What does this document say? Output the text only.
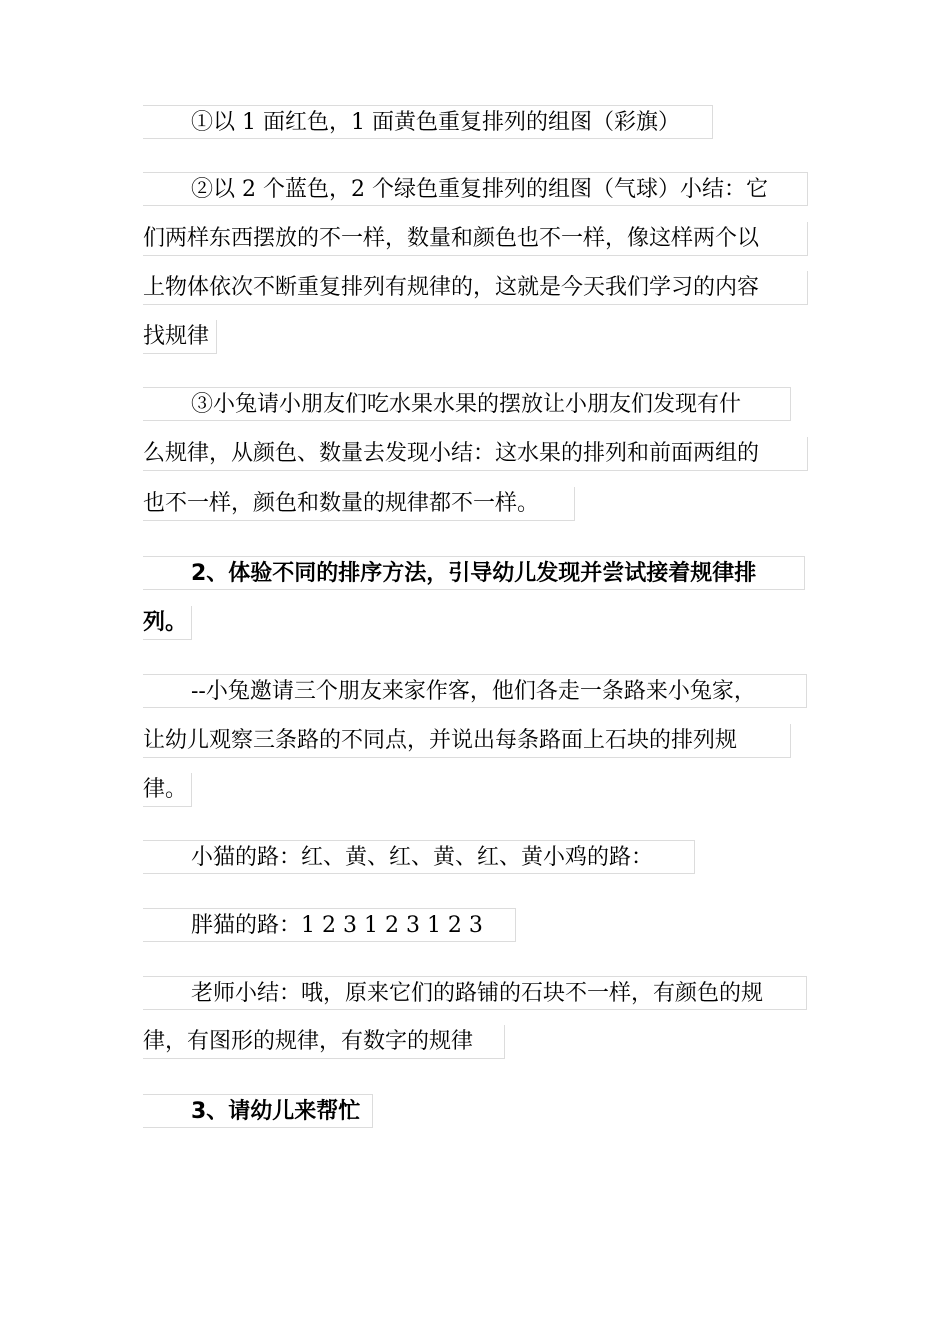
①以 1 面红色，1 面黄色重复排列的组图（彩旗）
②以 2 个蓝色，2 个绿色重复排列的组图（气球）小结：它
们两样东西摆放的不一样，数量和颜色也不一样，像这样两个以
上物体依次不断重复排列有规律的，这就是今天我们学习的内容
找规律
③小兔请小朋友们吃水果水果的摆放让小朋友们发现有什
么规律，从颜色、数量去发现小结：这水果的排列和前面两组的
也不一样，颜色和数量的规律都不一样。
2、体验不同的排序方法，引导幼儿发现并尝试接着规律排
列。
--小兔邀请三个朋友来家作客，他们各走一条路来小兔家，
让幼儿观察三条路的不同点，并说出每条路面上石块的排列规
律。
小猫的路：红、黄、红、黄、红、黄小鸡的路：
胖猫的路：1 2 3 1 2 3 1 2 3
老师小结：哦，原来它们的路铺的石块不一样，有颜色的规
律，有图形的规律，有数字的规律
3、请幼儿来帮忙
